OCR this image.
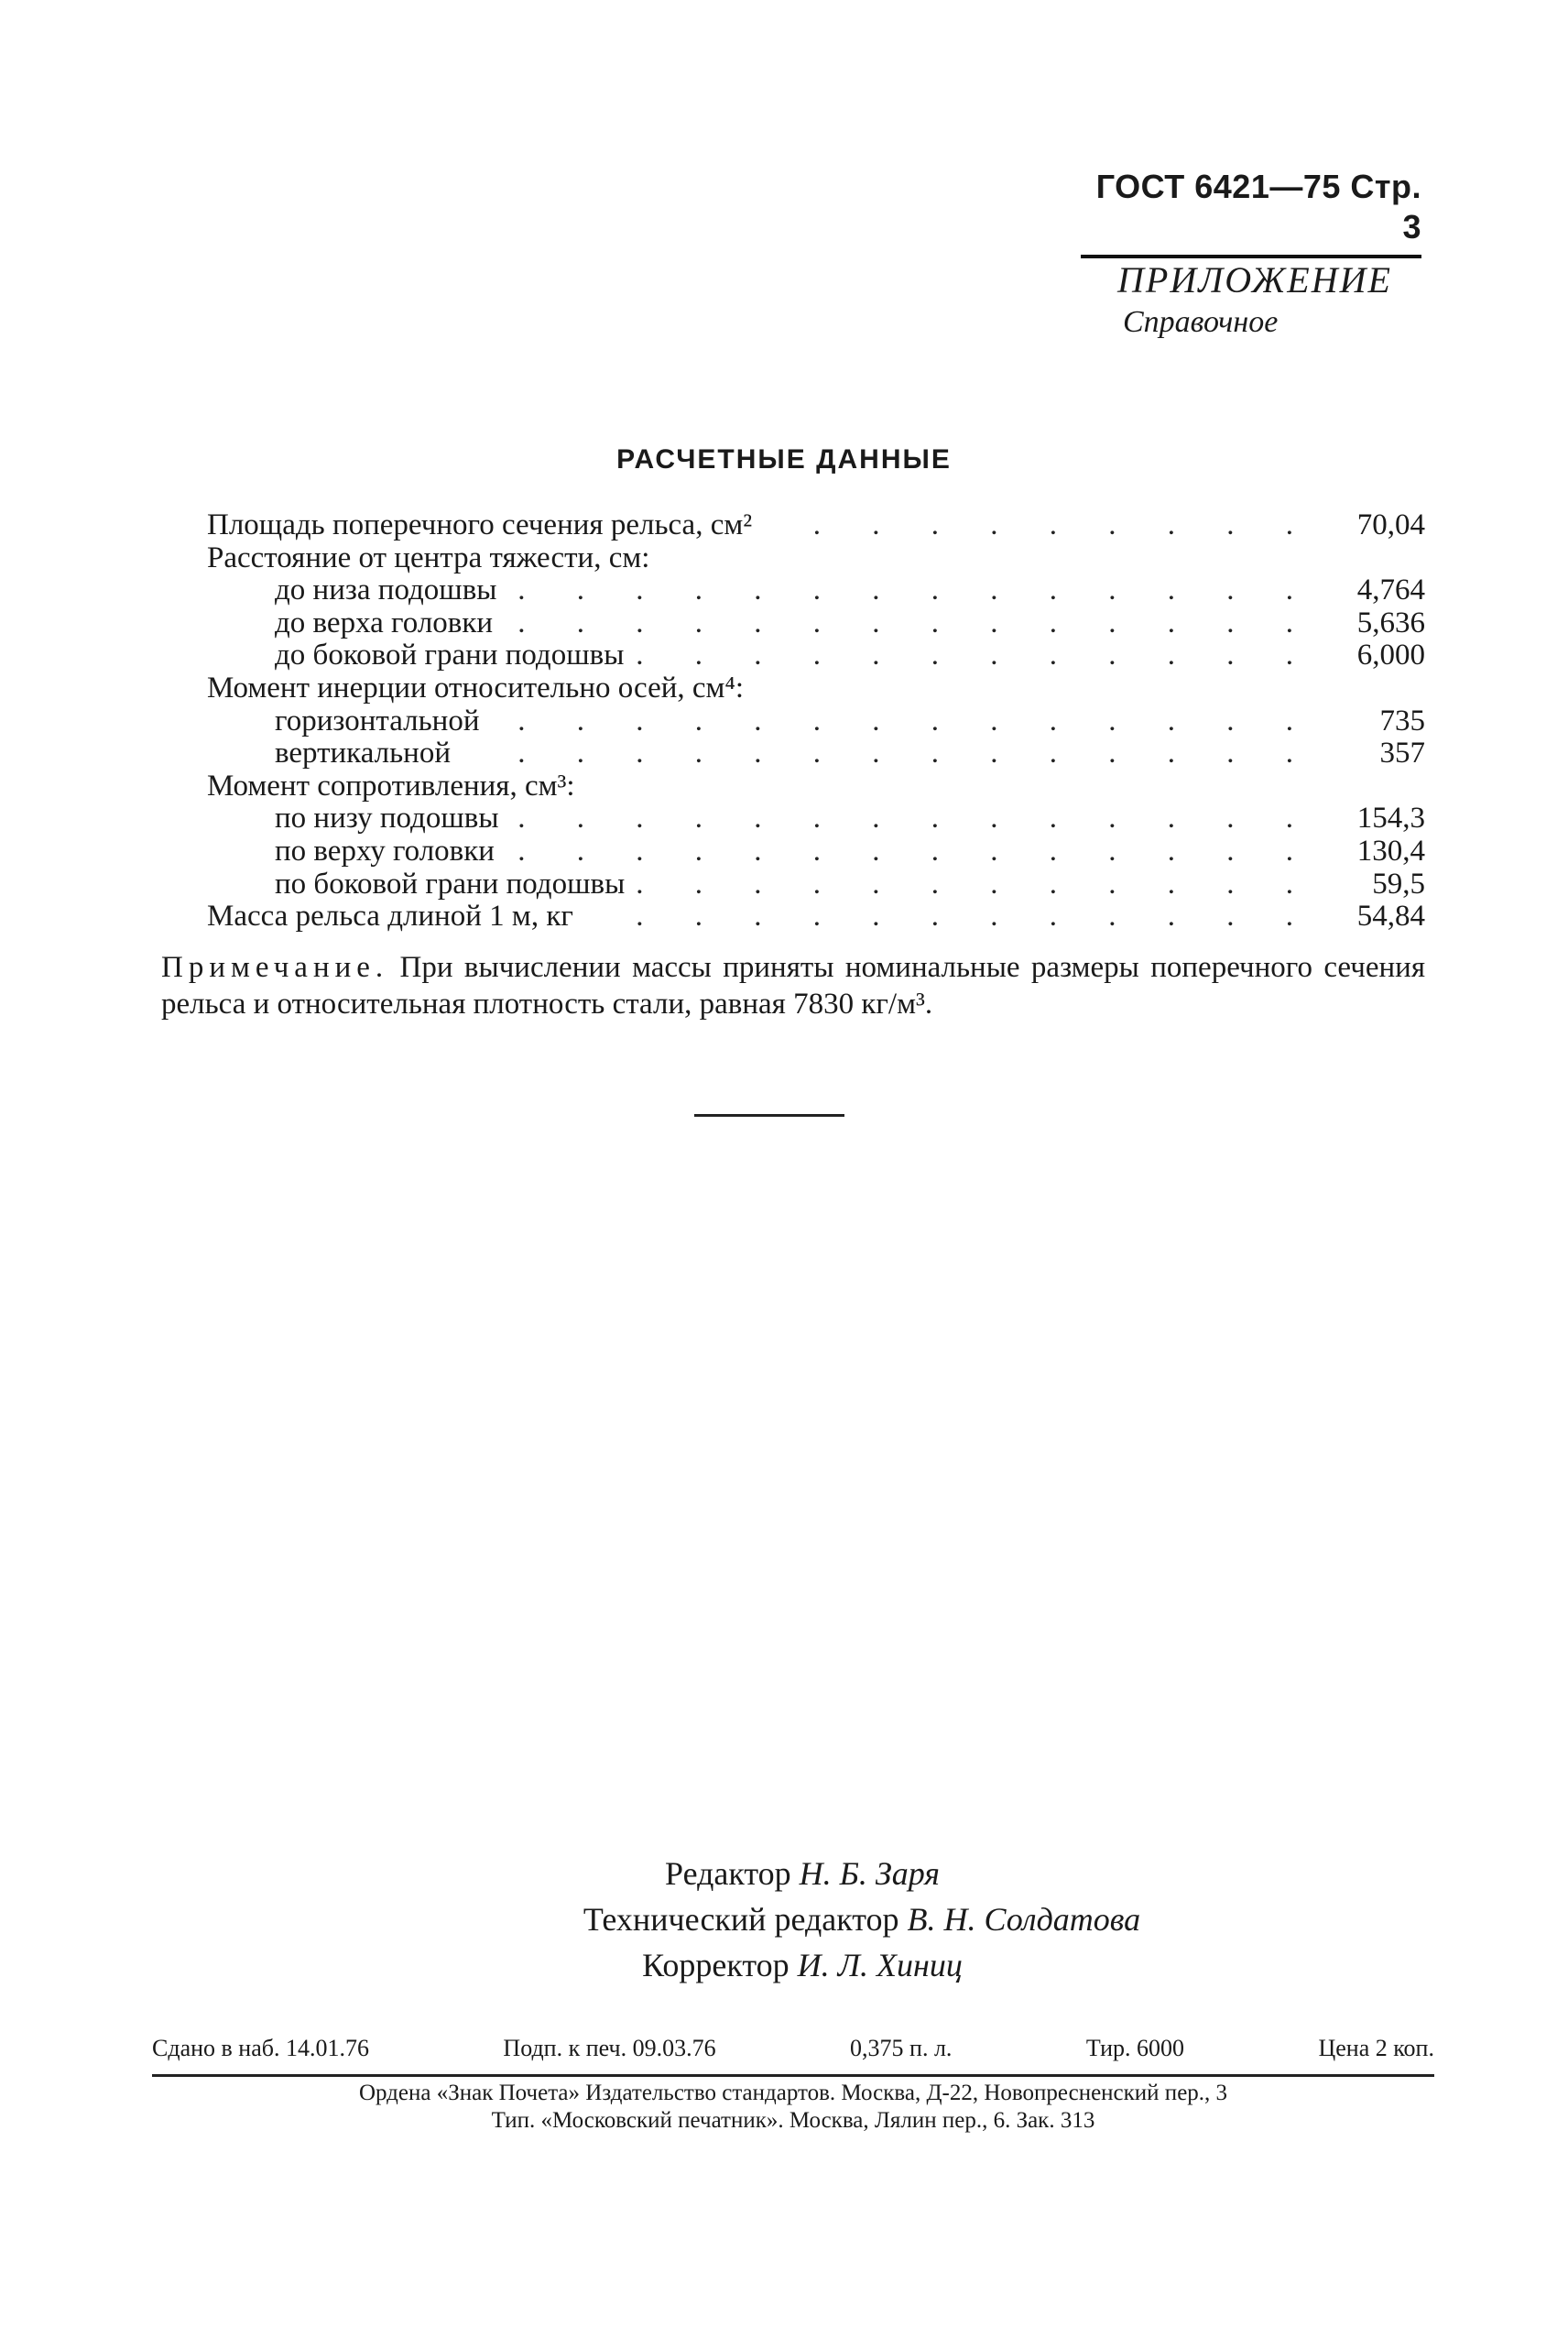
ГОСТ 6421—75 Стр. 3
ПРИЛОЖЕНИЕ
Справочное
РАСЧЕТНЫЕ ДАННЫЕ
Площадь поперечного сечения рельса, см² . . . . . . . . . 70,04
Расстояние от центра тяжести, см:
до низа подошвы . . . . . . . . . . . . . . 4,764
до верха головки . . . . . . . . . . . . . . 5,636
до боковой грани подошвы . . . . . . . . . . . . 6,000
Момент инерции относительно осей, см⁴:
горизонтальной . . . . . . . . . . . . . . 735
вертикальной . . . . . . . . . . . . . . 357
Момент сопротивления, см³:
по низу подошвы . . . . . . . . . . . . . . 154,3
по верху головки . . . . . . . . . . . . . . 130,4
по боковой грани подошвы . . . . . . . . . . . . 59,5
Масса рельса длиной 1 м, кг . . . . . . . . . . . . 54,84
Примечание. При вычислении массы приняты номинальные размеры поперечного сечения рельса и относительная плотность стали, равная 7830 кг/м³.
Редактор Н. Б. Заря
Технический редактор В. Н. Солдатова
Корректор И. Л. Хиниц
Сдано в наб. 14.01.76	Подп. к печ. 09.03.76	0,375 п. л.	Тир. 6000	Цена 2 коп.
Ордена «Знак Почета» Издательство стандартов. Москва, Д-22, Новопресненский пер., 3
Тип. «Московский печатник». Москва, Лялин пер., 6. Зак. 313
